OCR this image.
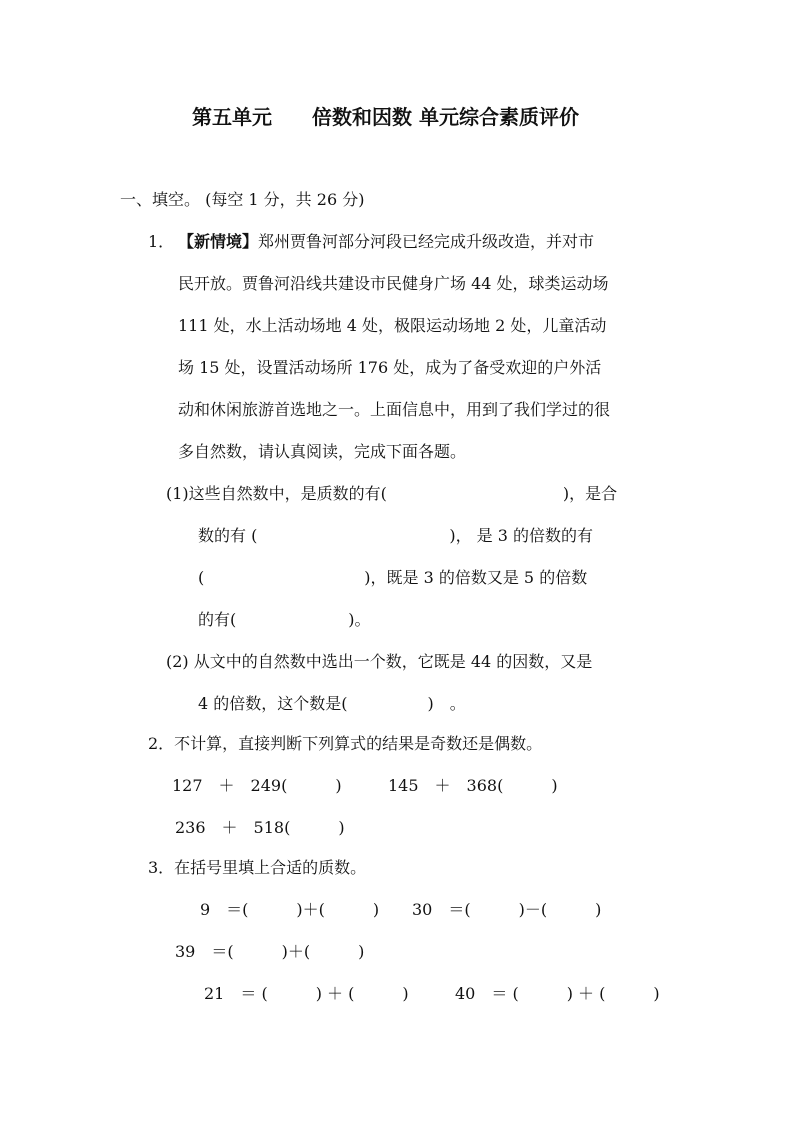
第五单元　　倍数和因数 单元综合素质评价
一、填空。 (每空 1 分，共 26 分)
1． 【新情境】 郑州贾鲁河部分河段已经完成升级改造，并对市
民开放。贾鲁河沿线共建设市民健身广场 44 处，球类运动场
111 处，水上活动场地 4 处，极限运动场地 2 处，儿童活动
场 15 处，设置活动场所 176 处，成为了备受欢迎的户外活
动和休闲旅游首选地之一。上面信息中，用到了我们学过的很
多自然数，请认真阅读，完成下面各题。
(1)这些自然数中，是质数的有(　　　　　　　　　　　)，是合
数的有 (　　　　　　　　　　　　)， 是 3 的倍数的有
(　　　　　　　　　　)，既是 3 的倍数又是 5 的倍数
的有(　　　　　　　)。
(2) 从文中的自然数中选出一个数，它既是 44 的因数，又是
4 的倍数，这个数是(　　　　　)　。
2．不计算，直接判断下列算式的结果是奇数还是偶数。
127　＋　249(　　　)	145　＋　368(　　　)
236　＋　518(　　　)
3．在括号里填上合适的质数。
9　＝(　　　)＋(　　　) 30　＝(　　　)－(　　　)
39　＝(　　　)＋(　　　)
21　＝ (　　　) ＋ (　　　)	40　＝ (　　　) ＋ (　　　)
